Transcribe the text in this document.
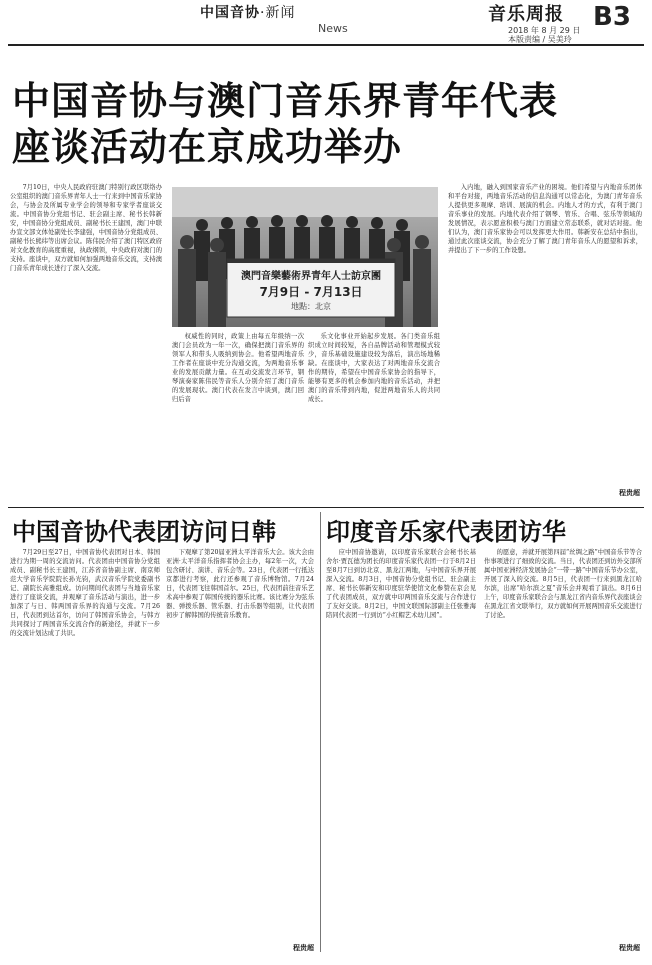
中国音协·新闻
News
音乐周报
2018 年 8 月 29 日
本版责编 / 吴美玲
B3
中国音协与澳门音乐界青年代表
座谈活动在京成功举办

7月10日，中央人民政府驻澳门特别行政区联络办公室组织的澳门音乐界青年人士一行来到中国音乐家协会，与协会及所属专业学会的领导和专家学者座谈交流。中国音协分党组书记、驻会副主席、秘书长韩新安，中国音协分党组成员、副秘书长王建国，澳门中联办宣文部文体处副处长李建强，中国音协分党组成员、副秘书长熊纬等出席会议。陈伟民介绍了澳门特区政府对文化教育的高度重视，执政纲领，中央政府对澳门的支持。座谈中，双方就如何加强两地音乐交流，支持澳门音乐青年成长进行了深入交流。

澳門音樂藝術界青年人士訪京團
7月9日 - 7月13日
地點：北京

权威性的同时，政策上由每五年级纳一次澳门会员改为一年一次，确保把澳门音乐界的领军人和带头人吸纳到协会。他希望两地音乐工作者在座谈中充分沟通交流，为两地音乐事业的发展贡献力量。在互动交流发言环节，钢琴演奏家陈伟民等音乐人分别介绍了澳门音乐的发展现状。澳门代表在发言中谈到，澳门回归后音

乐文化事业开始起步发展。各门类音乐组织成立时间较短，各自品牌活动和管理模式较少，音乐基础设施建设较为落后，演出场地稀缺。在座谈中，大家表达了对两地音乐交流合作的期待，希望在中国音乐家协会的指导下，能够有更多的机会参加内地的音乐活动，并把澳门的音乐带到内地，促进两地音乐人的共同成长。

入内地，融入到国家音乐产业的困境。他们希望与内地音乐团体和平台对接，两地音乐活动的信息沟通可以常态化，为澳门青年音乐人提供更多观摩、培训、展演的机会。内地人才的方式，有利于澳门音乐事业的发展。内地代表介绍了钢琴、管乐、合唱、弦乐等领域的发展情况，表示愿意积极与澳门方面建立常态联系，就对话对接。他们认为，澳门音乐家协会可以发挥更大作用。韩新安在总结中指出，通过此次座谈交流，协会充分了解了澳门青年音乐人的愿望和诉求，并提出了下一步的工作设想。

程贵超
中国音协代表团访问日韩

7月29日至27日，中国音协代表团对日本、韩国进行为期一周的交流访问。代表团由中国音协分党组成员、副秘书长王建国，江苏省音协副主席、南京师范大学音乐学院院长孙光钧，武汉音乐学院党委副书记、副院长高雅组成。访问期间代表团与当地音乐家进行了座谈交流，并观摩了音乐活动与演出，进一步加深了与日、韩两国音乐界的沟通与交流。7月26日，代表团到达首尔，访问了韩国音乐协会，与韩方共同探讨了两国音乐交流合作的新途径，并就下一步的交流计划达成了共识。

下观摩了第20届亚洲太平洋音乐大会。该大会由亚洲·太平洋音乐指挥者协会主办，每2年一次，大会包含研讨、演讲、音乐会等。23日，代表团一行抵达京都进行考察，此行还参观了音乐博物馆。7月24日，代表团飞往韩国首尔。25日，代表团前往音乐艺术高中参观了韩国传统的器乐比赛。该比赛分为弦乐器、弹拨乐器、管乐器、打击乐器等组别，让代表团初步了解韩国的传统音乐教育。

程贵超
印度音乐家代表团访华

应中国音协邀请，以印度音乐家联合会秘书长基舍尔·贾瓦德为团长的印度音乐家代表团一行于8月2日至8月7日到访北京、黑龙江两地，与中国音乐界开展深入交流。8月3日，中国音协分党组书记、驻会副主席、秘书长韩新安和印度驻华使馆文化参赞在京会见了代表团成员，双方就中印两国音乐交流与合作进行了友好交谈。8月2日，中国文联国际部副主任张雅海陪同代表团一行到访“小红帽艺术幼儿园”。

的愿意，并就开展第四届“丝绸之路”中国音乐节等合作事项进行了细致的交流。当日，代表团还到访外交部所属中国亚洲经济发展协会“一带一路”中国音乐节办公室，开展了深入的交流。8月5日，代表团一行来到黑龙江哈尔滨，出席“哈尔滨之夏”音乐会并观看了演出。8月6日上午，印度音乐家联合会与黑龙江省内音乐界代表座谈会在黑龙江省文联举行，双方就如何开展两国音乐交流进行了讨论。

程贵超
